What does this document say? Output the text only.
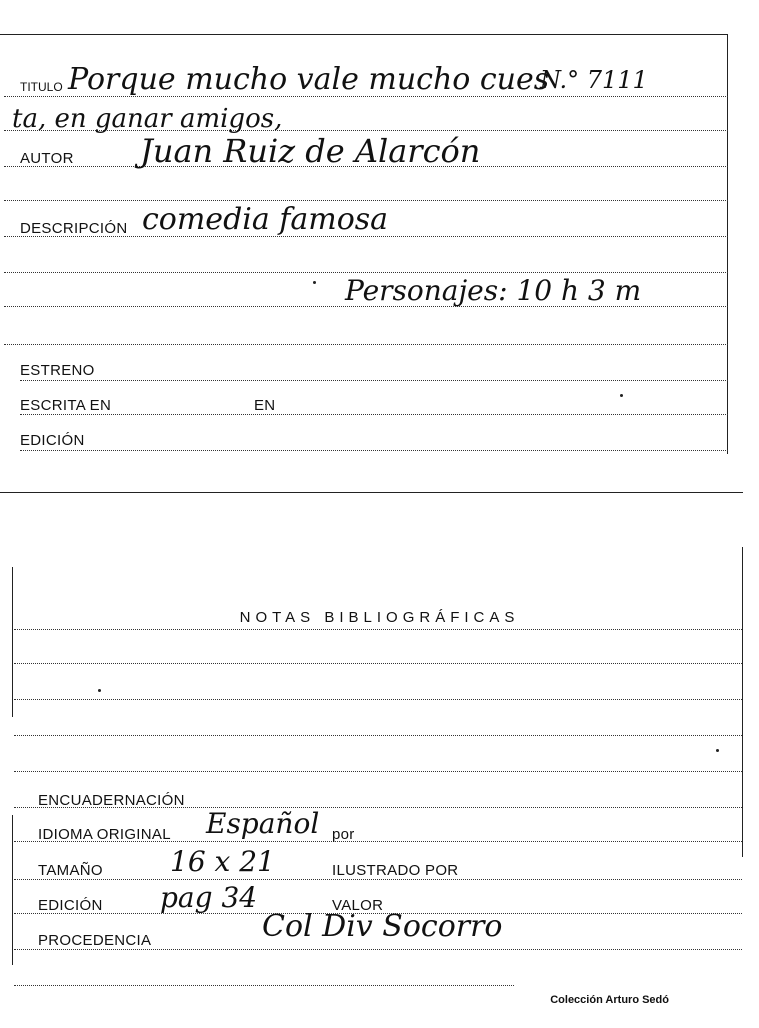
TITULO Porque mucho vale mucho cues
N.° 7111
ta, en ganar amigos,
AUTOR Juan Ruiz de Alarcón
DESCRIPCIÓN comedia famosa
Personajes: 10 h 3 m
ESTRENO
ESCRITA EN	EN
EDICIÓN
NOTAS BIBLIOGRÁFICAS
ENCUADERNACIÓN
IDIOMA ORIGINAL Español por
TAMAÑO 16 x 21	ILUSTRADO POR
EDICIÓN pag 34	VALOR
PROCEDENCIA	Col Div Socorro
Colección Arturo Sedó
